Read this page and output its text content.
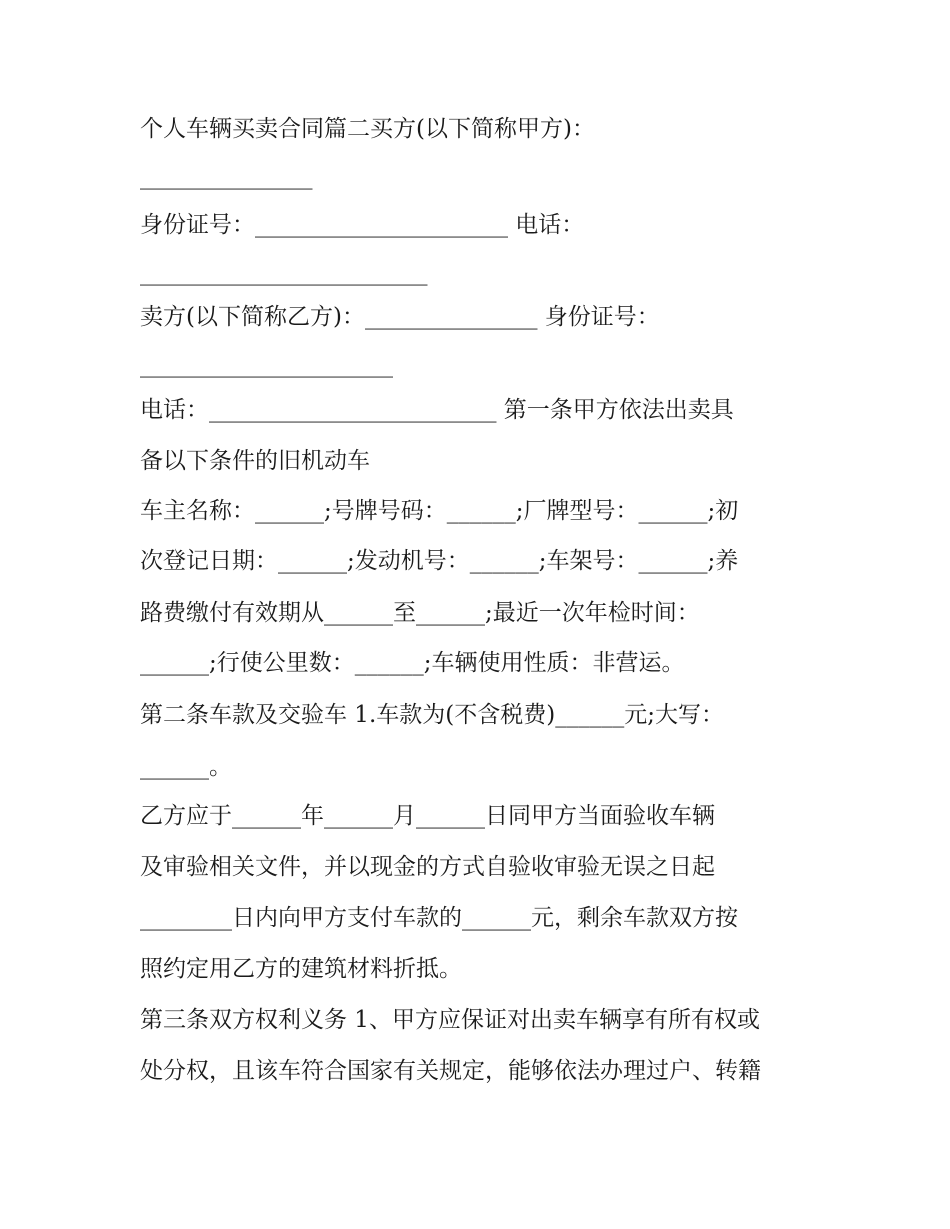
个人车辆买卖合同篇二买方(以下简称甲方)：
_______________
身份证号：______________________ 电话：
_________________________
卖方(以下简称乙方)：_______________ 身份证号：
______________________
电话：_________________________ 第一条甲方依法出卖具
备以下条件的旧机动车
车主名称：______;号牌号码：______;厂牌型号：______;初
次登记日期：______;发动机号：______;车架号：______;养
路费缴付有效期从______至______;最近一次年检时间：
______;行使公里数：______;车辆使用性质：非营运。
第二条车款及交验车 1.车款为(不含税费)______元;大写：
______。
乙方应于______年______月______日同甲方当面验收车辆
及审验相关文件，并以现金的方式自验收审验无误之日起
________日内向甲方支付车款的______元，剩余车款双方按
照约定用乙方的建筑材料折抵。
第三条双方权利义务 1、甲方应保证对出卖车辆享有所有权或
处分权，且该车符合国家有关规定，能够依法办理过户、转籍
